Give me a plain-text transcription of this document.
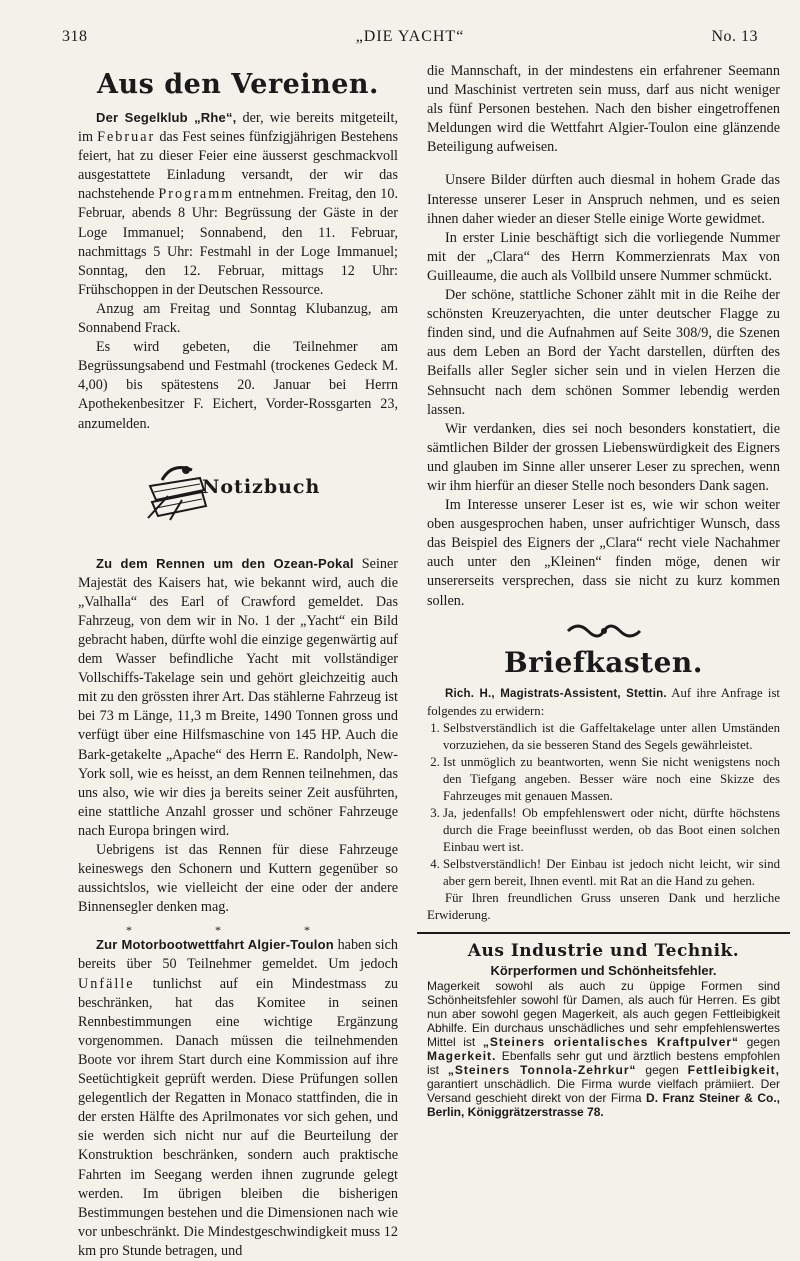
318	„DIE YACHT“	No. 13
Aus den Vereinen.

Der Segelklub „Rhe“, der, wie bereits mitgeteilt, im Februar das Fest seines fünfzigjährigen Bestehens feiert, hat zu dieser Feier eine äusserst geschmackvoll ausgestattete Einladung versandt, der wir das nachstehende Programm entnehmen. Freitag, den 10. Februar, abends 8 Uhr: Begrüssung der Gäste in der Loge Immanuel; Sonnabend, den 11. Februar, nachmittags 5 Uhr: Festmahl in der Loge Immanuel; Sonntag, den 12. Februar, mittags 12 Uhr: Frühschoppen in der Deutschen Ressource.

Anzug am Freitag und Sonntag Klubanzug, am Sonnabend Frack.

Es wird gebeten, die Teilnehmer am Begrüssungsabend und Festmahl (trockenes Gedeck M. 4,00) bis spätestens 20. Januar bei Herrn Apothekenbesitzer F. Eichert, Vorder-Rossgarten 23, anzumelden.

Notizbuch

Zu dem Rennen um den Ozean-Pokal Seiner Majestät des Kaisers hat, wie bekannt wird, auch die „Valhalla“ des Earl of Crawford gemeldet. Das Fahrzeug, von dem wir in No. 1 der „Yacht“ ein Bild gebracht haben, dürfte wohl die einzige gegenwärtig auf dem Wasser befindliche Yacht mit vollständiger Vollschiffs-Takelage sein und gehört gleichzeitig auch mit zu den grössten ihrer Art. Das stählerne Fahrzeug ist bei 73 m Länge, 11,3 m Breite, 1490 Tonnen gross und verfügt über eine Hilfsmaschine von 145 HP. Auch die Bark-getakelte „Apache“ des Herrn E. Randolph, New-York soll, wie es heisst, an dem Rennen teilnehmen, das uns also, wie wir dies ja bereits seiner Zeit ausführten, eine stattliche Anzahl grosser und schöner Fahrzeuge nach Europa bringen wird.

Uebrigens ist das Rennen für diese Fahrzeuge keineswegs den Schonern und Kuttern gegenüber so aussichtslos, wie vielleicht der eine oder der andere Binnensegler denken mag.

* * *

Zur Motorbootwettfahrt Algier-Toulon haben sich bereits über 50 Teilnehmer gemeldet. Um jedoch Unfälle tunlichst auf ein Mindestmass zu beschränken, hat das Komitee in seinen Rennbestimmungen eine wichtige Ergänzung vorgenommen. Danach müssen die teilnehmenden Boote vor ihrem Start durch eine Kommission auf ihre Seetüchtigkeit geprüft werden. Diese Prüfungen sollen gelegentlich der Regatten in Monaco stattfinden, die in der ersten Hälfte des Aprilmonates vor sich gehen, und sie werden sich nicht nur auf die Beurteilung der Konstruktion beschränken, sondern auch praktische Fahrten im Seegang werden ihnen zugrunde gelegt werden. Im übrigen bleiben die bisherigen Bestimmungen bestehen und die Dimensionen nach wie vor unbeschränkt. Die Mindestgeschwindigkeit muss 12 km pro Stunde betragen, und

die Mannschaft, in der mindestens ein erfahrener Seemann und Maschinist vertreten sein muss, darf aus nicht weniger als fünf Personen bestehen. Nach den bisher eingetroffenen Meldungen wird die Wettfahrt Algier-Toulon eine glänzende Beteiligung aufweisen.

Unsere Bilder dürften auch diesmal in hohem Grade das Interesse unserer Leser in Anspruch nehmen, und es seien ihnen daher wieder an dieser Stelle einige Worte gewidmet.

In erster Linie beschäftigt sich die vorliegende Nummer mit der „Clara“ des Herrn Kommerzienrats Max von Guilleaume, die auch als Vollbild unsere Nummer schmückt.

Der schöne, stattliche Schoner zählt mit in die Reihe der schönsten Kreuzeryachten, die unter deutscher Flagge zu finden sind, und die Aufnahmen auf Seite 308/9, die Szenen aus dem Leben an Bord der Yacht darstellen, dürften des Beifalls aller Segler sicher sein und in vielen Herzen die Sehnsucht nach dem schönen Sommer lebendig werden lassen.

Wir verdanken, dies sei noch besonders konstatiert, die sämtlichen Bilder der grossen Liebenswürdigkeit des Eigners und glauben im Sinne aller unserer Leser zu sprechen, wenn wir ihm hierfür an dieser Stelle noch besonders Dank sagen.

Im Interesse unserer Leser ist es, wie wir schon weiter oben ausgesprochen haben, unser aufrichtiger Wunsch, dass das Beispiel des Eigners der „Clara“ recht viele Nachahmer auch unter den „Kleinen“ finden möge, denen wir unsererseits versprechen, dass sie nicht zu kurz kommen sollen.

Briefkasten.

Rich. H., Magistrats-Assistent, Stettin. Auf ihre Anfrage ist folgendes zu erwidern:

1. Selbstverständlich ist die Gaffeltakelage unter allen Umständen vorzuziehen, da sie besseren Stand des Segels gewährleistet.
2. Ist unmöglich zu beantworten, wenn Sie nicht wenigstens noch den Tiefgang angeben. Besser wäre noch eine Skizze des Fahrzeuges mit genauen Massen.
3. Ja, jedenfalls! Ob empfehlenswert oder nicht, dürfte höchstens durch die Frage beeinflusst werden, ob das Boot einen solchen Einbau wert ist.
4. Selbstverständlich! Der Einbau ist jedoch nicht leicht, wir sind aber gern bereit, Ihnen eventl. mit Rat an die Hand zu gehen.

Für Ihren freundlichen Gruss unseren Dank und herzliche Erwiderung.

Aus Industrie und Technik.
Körperformen und Schönheitsfehler.
Magerkeit sowohl als auch zu üppige Formen sind Schönheitsfehler sowohl für Damen, als auch für Herren. Es gibt nun aber sowohl gegen Magerkeit, als auch gegen Fettleibigkeit Abhilfe. Ein durchaus unschädliches und sehr empfehlenswertes Mittel ist „Steiners orientalisches Kraftpulver“ gegen Magerkeit. Ebenfalls sehr gut und ärztlich bestens empfohlen ist „Steiners Tonnola-Zehrkur“ gegen Fettleibigkeit, garantiert unschädlich. Die Firma wurde vielfach prämiiert. Der Versand geschieht direkt von der Firma D. Franz Steiner & Co., Berlin, Königgrätzerstrasse 78.
